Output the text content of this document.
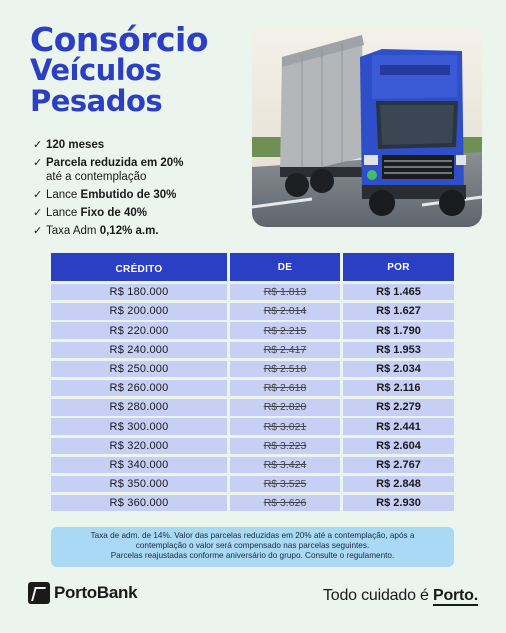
Consórcio
Veículos
Pesados
✓ 120 meses
✓ Parcela reduzida em 20%
até a contemplação
✓ Lance Embutido de 30%
✓ Lance Fixo de 40%
✓ Taxa Adm 0,12% a.m.
CRÉDITO	DE	POR
R$ 180.000	R$ 1.813	R$ 1.465
R$ 200.000	R$ 2.014	R$ 1.627
R$ 220.000	R$ 2.215	R$ 1.790
R$ 240.000	R$ 2.417	R$ 1.953
R$ 250.000	R$ 2.518	R$ 2.034
R$ 260.000	R$ 2.618	R$ 2.116
R$ 280.000	R$ 2.820	R$ 2.279
R$ 300.000	R$ 3.021	R$ 2.441
R$ 320.000	R$ 3.223	R$ 2.604
R$ 340.000	R$ 3.424	R$ 2.767
R$ 350.000	R$ 3.525	R$ 2.848
R$ 360.000	R$ 3.626	R$ 2.930
Taxa de adm. de 14%. Valor das parcelas reduzidas em 20% até a contemplação, após a
contemplação o valor será compensado nas parcelas seguintes.
Parcelas reajustadas conforme aniversário do grupo. Consulte o regulamento.
PortoBank	Todo cuidado é Porto.
